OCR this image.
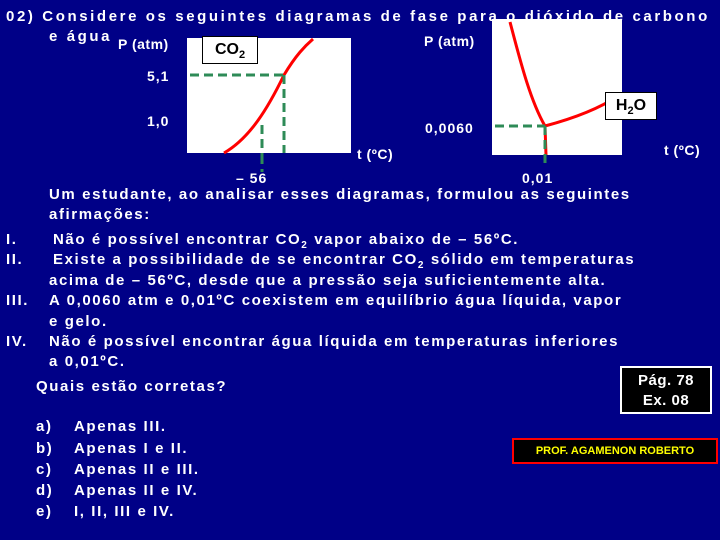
02) Considere os seguintes diagramas de fase para o dióxido de carbono
e água P (atm)	$CO_2$
5,1
1,0
– 56
t (ºC)
P (atm)
$H_2O$
0,0060
0,01
t (ºC)
Um estudante, ao analisar esses diagramas, formulou as seguintes
afirmações:
I. Não é possível encontrar $CO_2$ vapor abaixo de – 56ºC.
II. Existe a possibilidade de se encontrar $CO_2$ sólido em temperaturas
acima de – 56ºC, desde que a pressão seja suficientemente alta.
III. A 0,0060 atm e 0,01ºC coexistem em equilíbrio água líquida, vapor
e gelo.
IV. Não é possível encontrar água líquida em temperaturas inferiores
a 0,01ºC.
Quais estão corretas?	Pág. 78
Ex. 08
a) Apenas III.
b) Apenas I e II.
c) Apenas II e III.
d) Apenas II e IV.
e) I, II, III e IV.
PROF. AGAMENON ROBERTO
